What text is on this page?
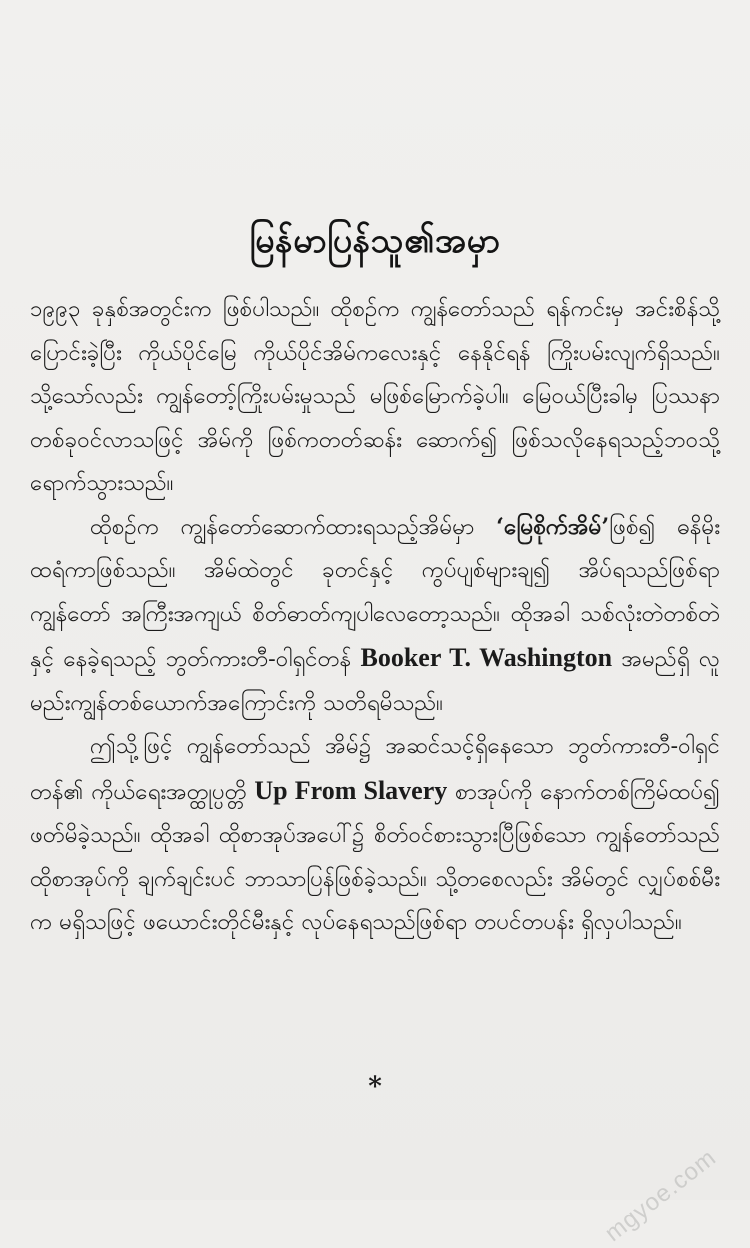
မြန်မာပြန်သူ၏အမှာ

၁၉၉၃ ခုနှစ်အတွင်းက ဖြစ်ပါသည်။ ထိုစဉ်က ကျွန်တော်သည် ရန်ကင်းမှ အင်းစိန်သို့ ပြောင်းခဲ့ပြီး ကိုယ်ပိုင်မြေ ကိုယ်ပိုင်အိမ်ကလေးနှင့် နေနိုင်ရန် ကြိုးပမ်းလျက်ရှိသည်။ သို့သော်လည်း ကျွန်တော့်ကြိုးပမ်းမှုသည် မဖြစ်မြောက်ခဲ့ပါ။ မြေဝယ်ပြီးခါမှ ပြဿနာတစ်ခုဝင်လာသဖြင့် အိမ်ကို ဖြစ်ကတတ်ဆန်း ဆောက်၍ ဖြစ်သလိုနေရသည့်ဘဝသို့ ရောက်သွားသည်။

ထိုစဉ်က ကျွန်တော်ဆောက်ထားရသည့်အိမ်မှာ ‘မြေစိုက်အိမ်’ဖြစ်၍ ဓနိမိုးထရံကာဖြစ်သည်။ အိမ်ထဲတွင် ခုတင်နှင့် ကွပ်ပျစ်များချ၍ အိပ်ရသည်ဖြစ်ရာ ကျွန်တော် အကြီးအကျယ် စိတ်ဓာတ်ကျပါလေတော့သည်။ ထိုအခါ သစ်လုံးတဲတစ်တဲနှင့် နေခဲ့ရသည့် ဘွတ်ကားတီ-ဝါရှင်တန် Booker T. Washington အမည်ရှိ လူမည်းကျွန်တစ်ယောက်အကြောင်းကို သတိရမိသည်။

ဤသို့ဖြင့် ကျွန်တော်သည် အိမ်၌ အဆင်သင့်ရှိနေသော ဘွတ်ကားတီ-ဝါရှင်တန်၏ ကိုယ်ရေးအတ္ထုပ္ပတ္တိ Up From Slavery စာအုပ်ကို နောက်တစ်ကြိမ်ထပ်၍ ဖတ်မိခဲ့သည်။ ထိုအခါ ထိုစာအုပ်အပေါ်၌ စိတ်ဝင်စားသွားပြီဖြစ်သော ကျွန်တော်သည် ထိုစာအုပ်ကို ချက်ချင်းပင် ဘာသာပြန်ဖြစ်ခဲ့သည်။ သို့တစေလည်း အိမ်တွင် လျှပ်စစ်မီးက မရှိသဖြင့် ဖယောင်းတိုင်မီးနှင့် လုပ်နေရသည်ဖြစ်ရာ တပင်တပန်း ရှိလှပါသည်။

*
mgyoe.com
